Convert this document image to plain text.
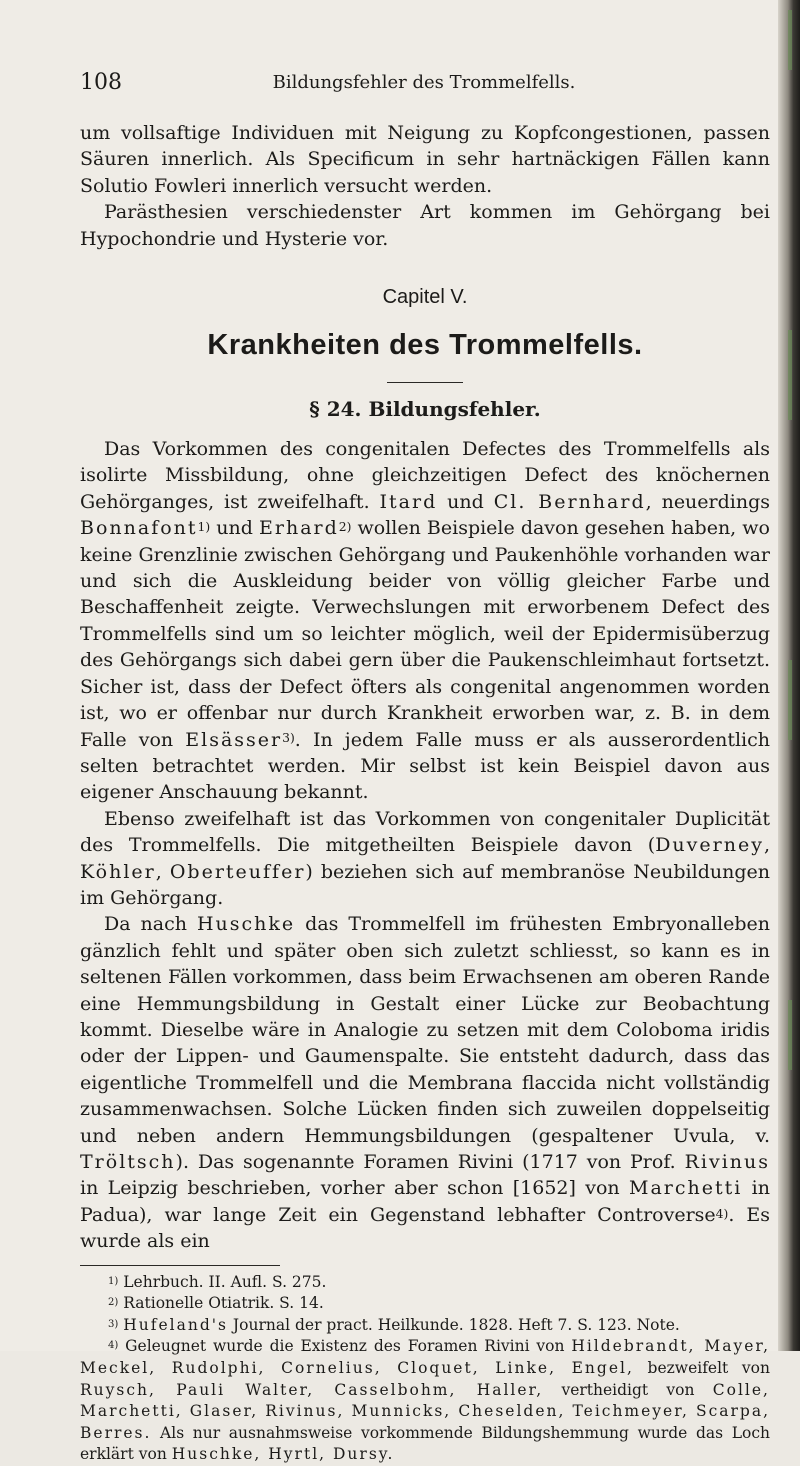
108	Bildungsfehler des Trommelfells.

um vollsaftige Individuen mit Neigung zu Kopfcongestionen, passen Säuren innerlich. Als Specificum in sehr hartnäckigen Fällen kann Solutio Fowleri innerlich versucht werden.

Parästhesien verschiedenster Art kommen im Gehörgang bei Hypochondrie und Hysterie vor.

Capitel V.
Krankheiten des Trommelfells.
§ 24. Bildungsfehler.

Das Vorkommen des congenitalen Defectes des Trommelfells als isolirte Missbildung, ohne gleichzeitigen Defect des knöchernen Gehörganges, ist zweifelhaft. Itard und Cl. Bernhard, neuerdings Bonnafont$^{1)}$ und Erhard$^{2)}$ wollen Beispiele davon gesehen haben, wo keine Grenzlinie zwischen Gehörgang und Paukenhöhle vorhanden war und sich die Auskleidung beider von völlig gleicher Farbe und Beschaffenheit zeigte. Verwechslungen mit erworbenem Defect des Trommelfells sind um so leichter möglich, weil der Epidermisüberzug des Gehörgangs sich dabei gern über die Paukenschleimhaut fortsetzt. Sicher ist, dass der Defect öfters als congenital angenommen worden ist, wo er offenbar nur durch Krankheit erworben war, z. B. in dem Falle von Elsässer$^{3)}$. In jedem Falle muss er als ausserordentlich selten betrachtet werden. Mir selbst ist kein Beispiel davon aus eigener Anschauung bekannt.

Ebenso zweifelhaft ist das Vorkommen von congenitaler Duplicität des Trommelfells. Die mitgetheilten Beispiele davon (Duverney, Köhler, Oberteuffer) beziehen sich auf membranöse Neubildungen im Gehörgang.

Da nach Huschke das Trommelfell im frühesten Embryonalleben gänzlich fehlt und später oben sich zuletzt schliesst, so kann es in seltenen Fällen vorkommen, dass beim Erwachsenen am oberen Rande eine Hemmungsbildung in Gestalt einer Lücke zur Beobachtung kommt. Dieselbe wäre in Analogie zu setzen mit dem Coloboma iridis oder der Lippen- und Gaumenspalte. Sie entsteht dadurch, dass das eigentliche Trommelfell und die Membrana flaccida nicht vollständig zusammenwachsen. Solche Lücken finden sich zuweilen doppelseitig und neben andern Hemmungsbildungen (gespaltener Uvula, v. Tröltsch). Das sogenannte Foramen Rivini (1717 von Prof. Rivinus in Leipzig beschrieben, vorher aber schon [1652] von Marchetti in Padua), war lange Zeit ein Gegenstand lebhafter Controverse$^{4)}$. Es wurde als ein

$^{1)}$ Lehrbuch. II. Aufl. S. 275.

$^{2)}$ Rationelle Otiatrik. S. 14.

$^{3)}$ Hufeland's Journal der pract. Heilkunde. 1828. Heft 7. S. 123. Note.

$^{4)}$ Geleugnet wurde die Existenz des Foramen Rivini von Hildebrandt, Mayer, Meckel, Rudolphi, Cornelius, Cloquet, Linke, Engel, bezweifelt von Ruysch, Pauli Walter, Casselbohm, Haller, vertheidigt von Colle, Marchetti, Glaser, Rivinus, Munnicks, Cheselden, Teichmeyer, Scarpa, Berres. Als nur ausnahmsweise vorkommende Bildungshemmung wurde das Loch erklärt von Huschke, Hyrtl, Dursy.
